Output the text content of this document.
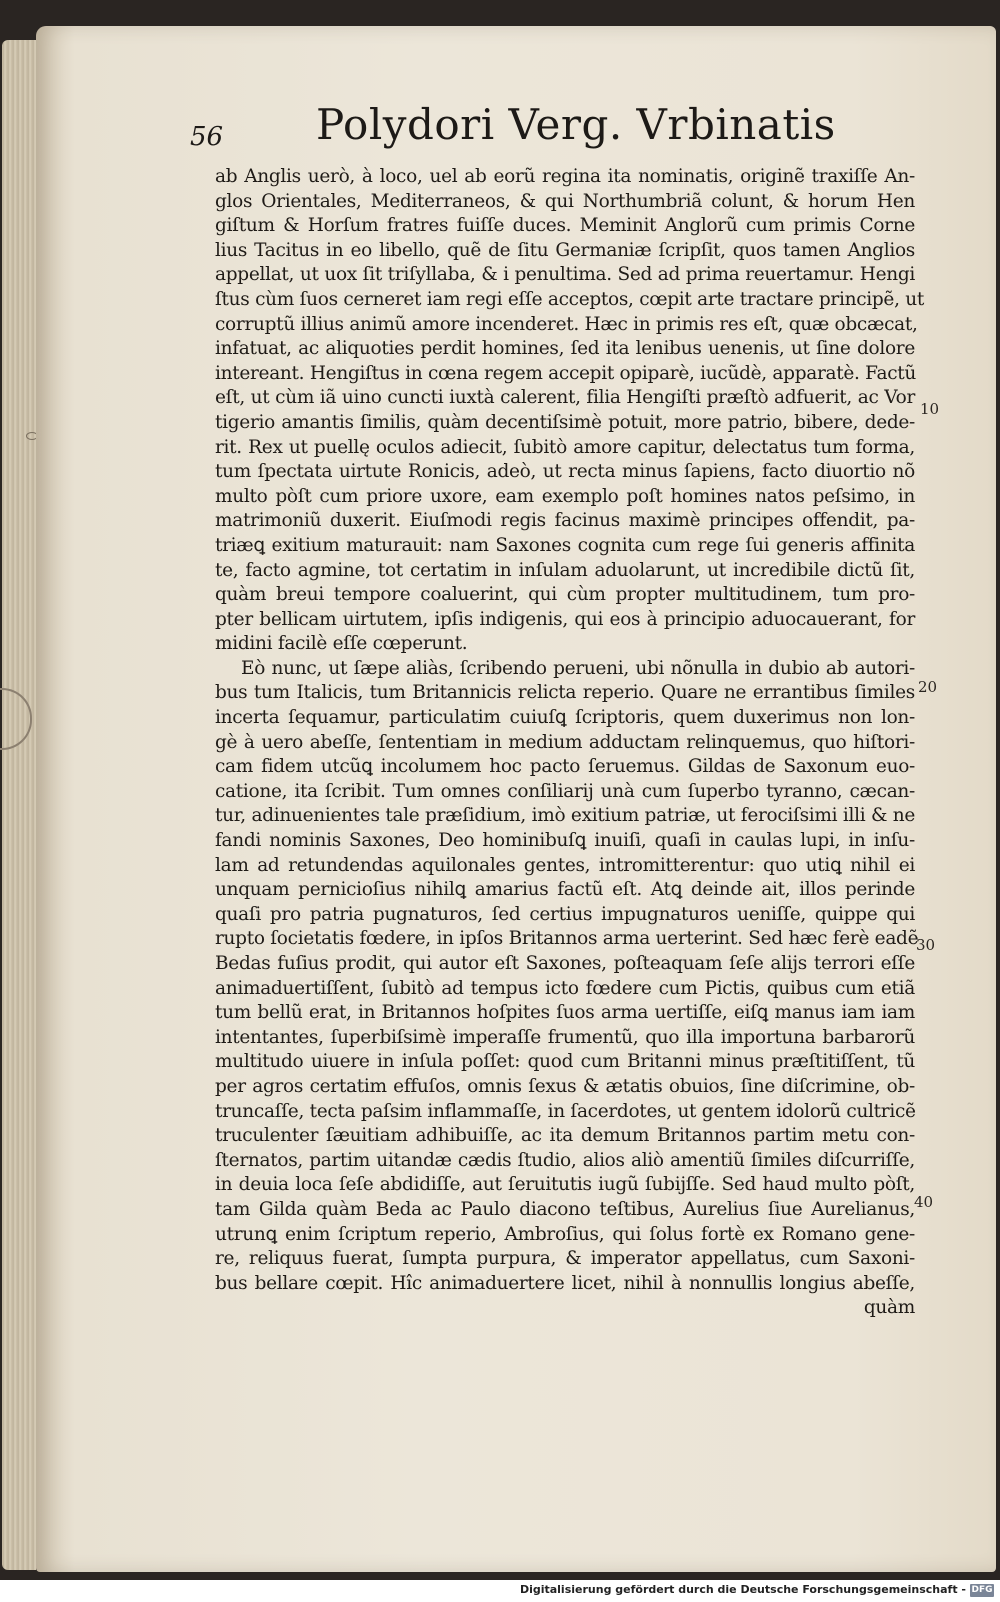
56 Polydori Verg. Vrbinatis
ab Anglis uerò, à loco, uel ab eorũ regina ita nominatis, originẽ traxiſſe An-
glos Orientales, Mediterraneos, & qui Northumbriã colunt, & horum Hen
giſtum & Horſum fratres fuiſſe duces. Meminit Anglorũ cum primis Corne
lius Tacitus in eo libello, quẽ de ſitu Germaniæ ſcripſit, quos tamen Anglios
appellat, ut uox ſit triſyllaba, & i penultima. Sed ad prima reuertamur. Hengi
ſtus cùm ſuos cerneret iam regi eſſe acceptos, cœpit arte tractare principẽ, ut
corruptũ illius animũ amore incenderet. Hæc in primis res eſt, quæ obcæcat,
infatuat, ac aliquoties perdit homines, ſed ita lenibus uenenis, ut ſine dolore
intereant. Hengiſtus in cœna regem accepit opiparè, iucũdè, apparatè. Factũ
eſt, ut cùm iã uino cuncti iuxtà calerent, filia Hengiſti præſtò adfuerit, ac Vor
tigerio amantis ſimilis, quàm decentiſsimè potuit, more patrio, bibere, dede-
rit. Rex ut puellę oculos adiecit, ſubitò amore capitur, delectatus tum forma,
tum ſpectata uirtute Ronicis, adeò, ut recta minus ſapiens, facto diuortio nõ
multo pòſt cum priore uxore, eam exemplo poſt homines natos peſsimo, in
matrimoniũ duxerit. Eiuſmodi regis facinus maximè principes offendit, pa-
triæꝗ exitium maturauit: nam Saxones cognita cum rege ſui generis affinita
te, facto agmine, tot certatim in inſulam aduolarunt, ut incredibile dictũ ſit,
quàm breui tempore coaluerint, qui cùm propter multitudinem, tum pro-
pter bellicam uirtutem, ipſis indigenis, qui eos à principio aduocauerant, for
midini facilè eſſe cœperunt.
Eò nunc, ut ſæpe aliàs, ſcribendo perueni, ubi nõnulla in dubio ab autori-
bus tum Italicis, tum Britannicis relicta reperio. Quare ne errantibus ſimiles
incerta ſequamur, particulatim cuiuſꝗ ſcriptoris, quem duxerimus non lon-
gè à uero abeſſe, ſententiam in medium adductam relinquemus, quo hiſtori-
cam fidem utcũꝗ incolumem hoc pacto ſeruemus. Gildas de Saxonum euo-
catione, ita ſcribit. Tum omnes conſiliarij unà cum ſuperbo tyranno, cæcan-
tur, adinuenientes tale præſidium, imò exitium patriæ, ut ferociſsimi illi & ne
fandi nominis Saxones, Deo hominibuſꝗ inuiſi, quaſi in caulas lupi, in inſu-
lam ad retundendas aquilonales gentes, intromitterentur: quo utiꝗ nihil ei
unquam pernicioſius nihilꝗ amarius factũ eſt. Atꝗ deinde ait, illos perinde
quaſi pro patria pugnaturos, ſed certius impugnaturos ueniſſe, quippe qui
rupto ſocietatis fœdere, in ipſos Britannos arma uerterint. Sed hæc ferè eadẽ
Bedas fuſius prodit, qui autor eſt Saxones, poſteaquam ſeſe alijs terrori eſſe
animaduertiſſent, ſubitò ad tempus icto fœdere cum Pictis, quibus cum etiã
tum bellũ erat, in Britannos hoſpites ſuos arma uertiſſe, eiſꝗ manus iam iam
intentantes, ſuperbiſsimè imperaſſe frumentũ, quo illa importuna barbarorũ
multitudo uiuere in inſula poſſet: quod cum Britanni minus præſtitiſſent, tũ
per agros certatim effuſos, omnis ſexus & ætatis obuios, ſine diſcrimine, ob-
truncaſſe, tecta paſsim inflammaſſe, in ſacerdotes, ut gentem idolorũ cultricẽ
truculenter ſæuitiam adhibuiſſe, ac ita demum Britannos partim metu con-
ſternatos, partim uitandæ cædis ſtudio, alios aliò amentiũ ſimiles diſcurriſſe,
in deuia loca ſeſe abdidiſſe, aut ſeruitutis iugũ ſubijſſe. Sed haud multo pòſt,
tam Gilda quàm Beda ac Paulo diacono teſtibus, Aurelius ſiue Aurelianus,
utrunꝗ enim ſcriptum reperio, Ambroſius, qui ſolus fortè ex Romano gene-
re, reliquus fuerat, ſumpta purpura, & imperator appellatus, cum Saxoni-
bus bellare cœpit. Hîc animaduertere licet, nihil à nonnullis longius abeſſe,
quàm
10
20
30
40
Digitalisierung gefördert durch die Deutsche Forschungsgemeinschaft - DFG
